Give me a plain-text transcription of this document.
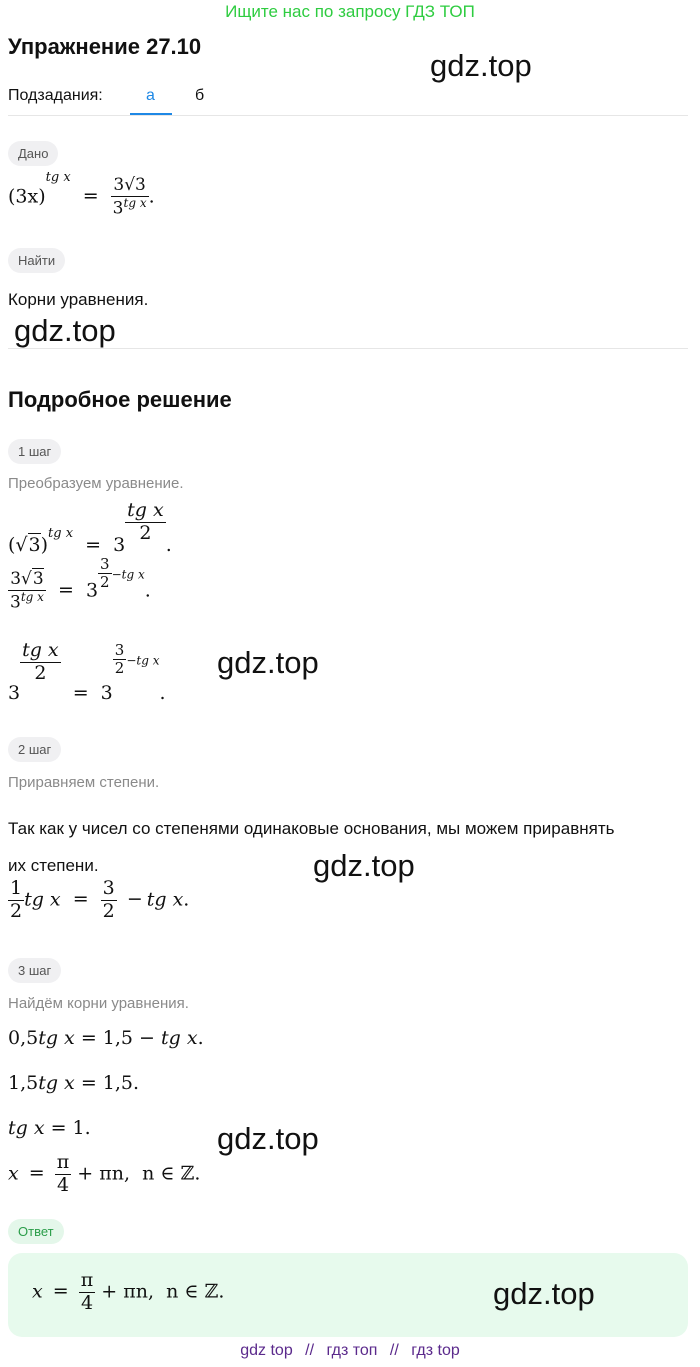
Ищите нас по запросу ГДЗ ТОП
Упражнение 27.10
gdz.top
Подзадания:	а	б
Дано
(3x)tg $x = \frac{3√3}{3^{tg x}}$ .
Найти
Корни уравнения.
gdz.top
Подробное решение
1 шаг
Преобразуем уравнение.
$(√3)_{tg x} = 3$
$\frac{\text{tg x}}{2}$
.
$\frac{3√3}{3^{tg x}} = 3 \frac{3}{2} -tg$ x.
3
$\frac{\text{tg x}}{2}$
= 3
$\frac{3}{2} -tg$ x.
gdz.top
2 шаг
Приравняем степени.
Так как у чисел со степенями одинаковые основания, мы можем приравнять
их степени.	gdz.top
$\frac{1}{2}$ tg $x = \frac{3}{2}$ − tg x.
3 шаг
Найдём корни уравнения.
0,5tg x = 1,5 − tg x.
1,5tg x = 1,5.
tg x = 1.	gdz.top
$x = \frac{\pi}{4} + \pi n$,  n ∈ ℤ.
Ответ
$x = \frac{\pi}{4} + \pi n$,  n ∈ ℤ.	gdz.top
gdz top // гдз топ // гдз top
